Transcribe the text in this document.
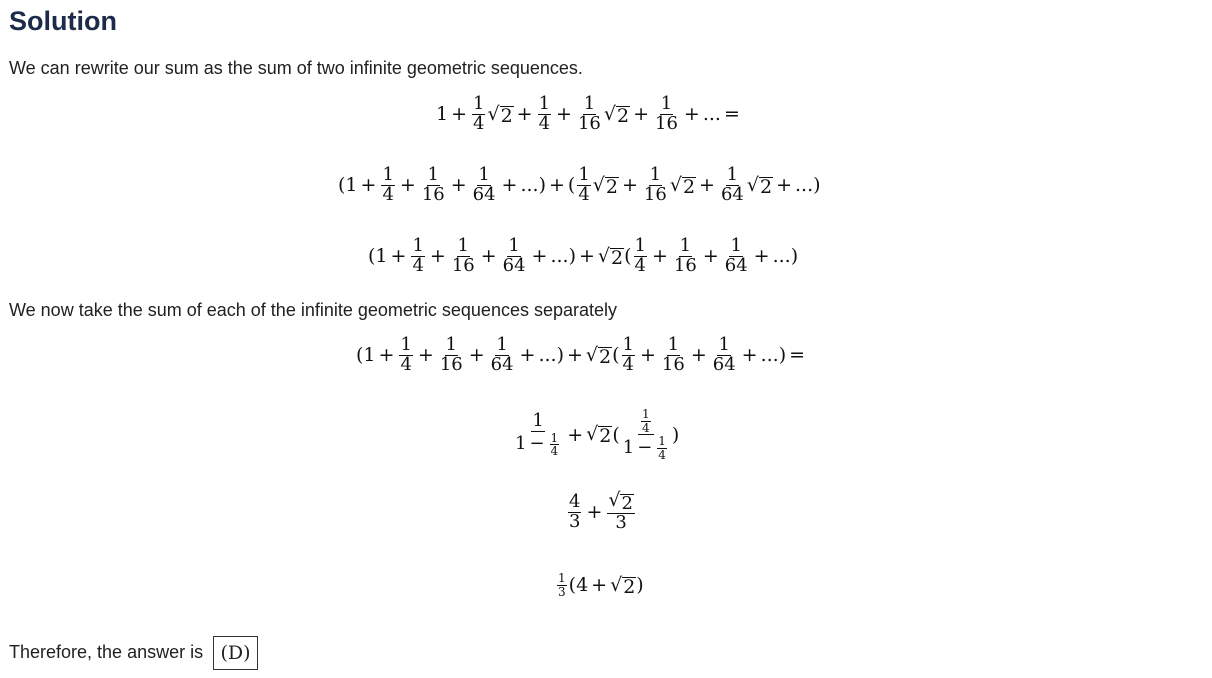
Solution
We can rewrite our sum as the sum of two infinite geometric sequences.
$1 + \frac{1}{4}$ √ $2 + \frac{1}{4} + \frac{1}{16}$ √ $2 + \frac{1}{16}$ + ... =
($1 + \frac{1}{4} + \frac{1}{16} + \frac{1}{64}$ + ...) + ( $\frac{1}{4}$ √ $2 + \frac{1}{16}$ √ $2 + \frac{1}{64}$ √ 2 + ...)
($1 + \frac{1}{4} + \frac{1}{16} + \frac{1}{64}$ + ...) + √ 2 ( $\frac{1}{4} + \frac{1}{16} + \frac{1}{64}$ + ...)
We now take the sum of each of the infinite geometric sequences separately
($1 + \frac{1}{4} + \frac{1}{16} + \frac{1}{64}$ + ...) + √ 2 ( $\frac{1}{4} + \frac{1}{16} + \frac{1}{64}$ + ...) =
$\frac{1}{1 - \frac{1}{4}}$ + √ 2 ( $\frac{\frac{1}{4}}{1 - \frac{1}{4}}$ )
$\frac{4}{3} + \frac{√ 2}{3}$
$\frac{1}{3}$ ( 4 + √ 2 )
Therefore, the answer is (D)
